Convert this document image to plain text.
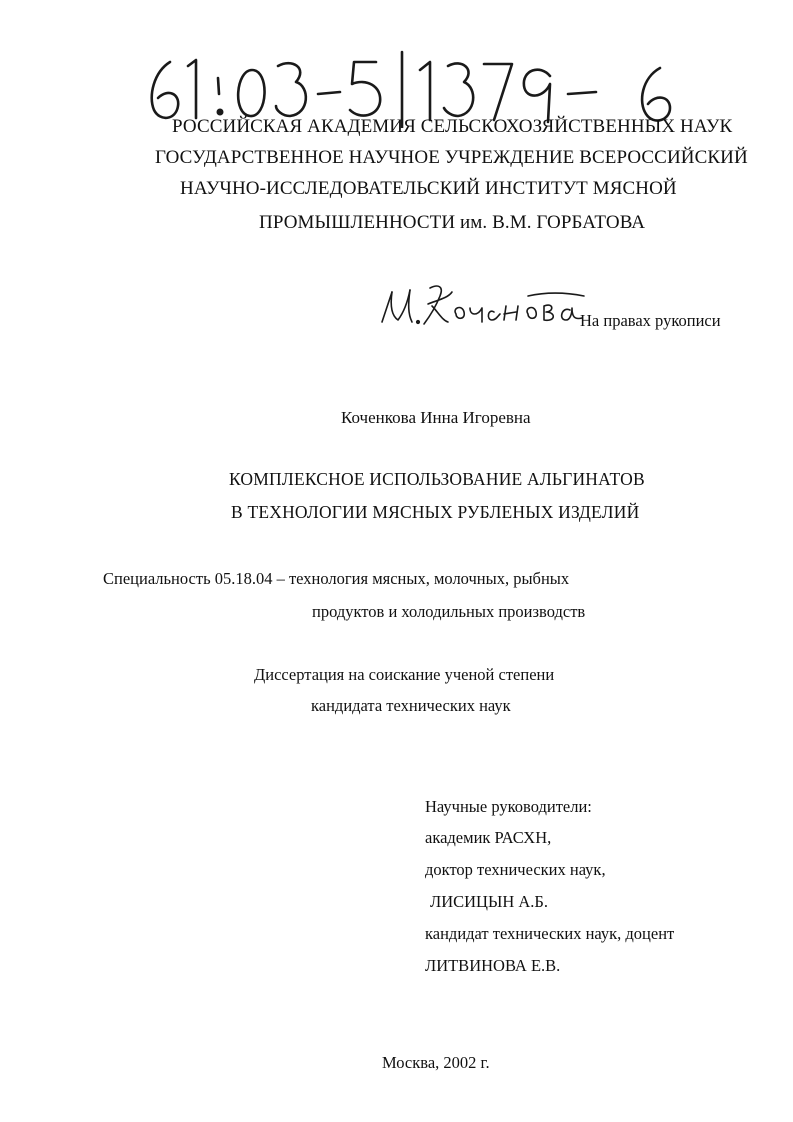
РОССИЙСКАЯ АКАДЕМИЯ СЕЛЬСКОХОЗЯЙСТВЕННЫХ НАУК
ГОСУДАРСТВЕННОЕ НАУЧНОЕ УЧРЕЖДЕНИЕ ВСЕРОССИЙСКИЙ
НАУЧНО-ИССЛЕДОВАТЕЛЬСКИЙ ИНСТИТУТ МЯСНОЙ
ПРОМЫШЛЕННОСТИ им. В.М. ГОРБАТОВА
На правах рукописи
Коченкова Инна Игоревна
КОМПЛЕКСНОЕ ИСПОЛЬЗОВАНИЕ АЛЬГИНАТОВ
В ТЕХНОЛОГИИ МЯСНЫХ РУБЛЕНЫХ ИЗДЕЛИЙ
Специальность 05.18.04 – технология мясных, молочных, рыбных
продуктов и холодильных производств
Диссертация на соискание ученой степени
кандидата технических наук
Научные руководители:
академик РАСХН,
доктор технических наук,
ЛИСИЦЫН А.Б.
кандидат технических наук, доцент
ЛИТВИНОВА Е.В.
Москва, 2002 г.
